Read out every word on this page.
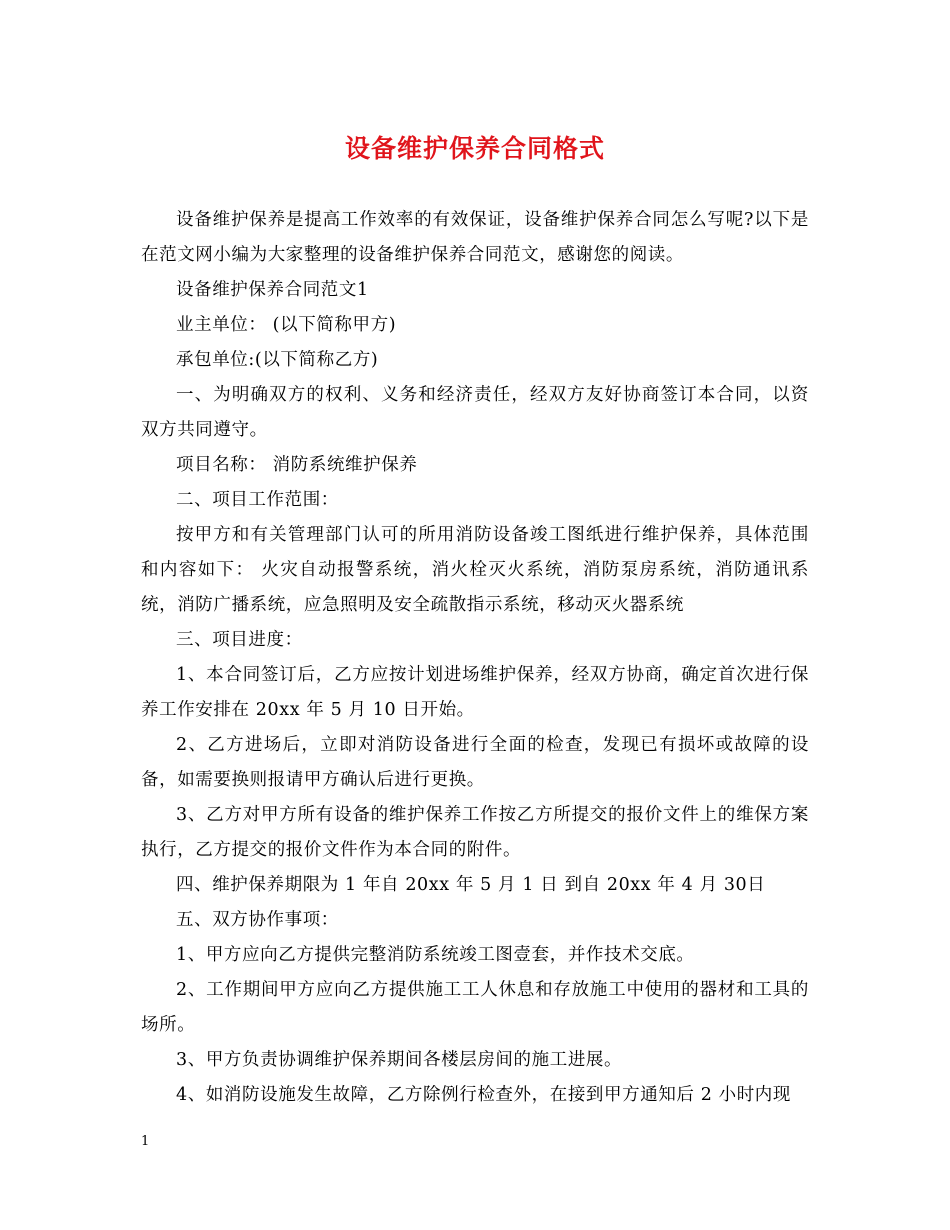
设备维护保养合同格式

设备维护保养是提高工作效率的有效保证，设备维护保养合同怎么写呢?以下是在范文网小编为大家整理的设备维护保养合同范文，感谢您的阅读。

设备维护保养合同范文1

业主单位： (以下简称甲方)

承包单位:(以下简称乙方)

一、为明确双方的权利、义务和经济责任，经双方友好协商签订本合同，以资双方共同遵守。

项目名称： 消防系统维护保养

二、项目工作范围：

按甲方和有关管理部门认可的所用消防设备竣工图纸进行维护保养，具体范围和内容如下： 火灾自动报警系统，消火栓灭火系统，消防泵房系统，消防通讯系统，消防广播系统，应急照明及安全疏散指示系统，移动灭火器系统

三、项目进度：

1、本合同签订后，乙方应按计划进场维护保养，经双方协商，确定首次进行保养工作安排在 20xx 年 5 月 10 日开始。

2、乙方进场后，立即对消防设备进行全面的检查，发现已有损坏或故障的设备，如需要换则报请甲方确认后进行更换。

3、乙方对甲方所有设备的维护保养工作按乙方所提交的报价文件上的维保方案执行，乙方提交的报价文件作为本合同的附件。

四、维护保养期限为 1 年自 20xx 年 5 月 1 日 到自 20xx 年 4 月 30日

五、双方协作事项：

1、甲方应向乙方提供完整消防系统竣工图壹套，并作技术交底。

2、工作期间甲方应向乙方提供施工工人休息和存放施工中使用的器材和工具的场所。

3、甲方负责协调维护保养期间各楼层房间的施工进展。

4、如消防设施发生故障，乙方除例行检查外，在接到甲方通知后 2 小时内现

1
